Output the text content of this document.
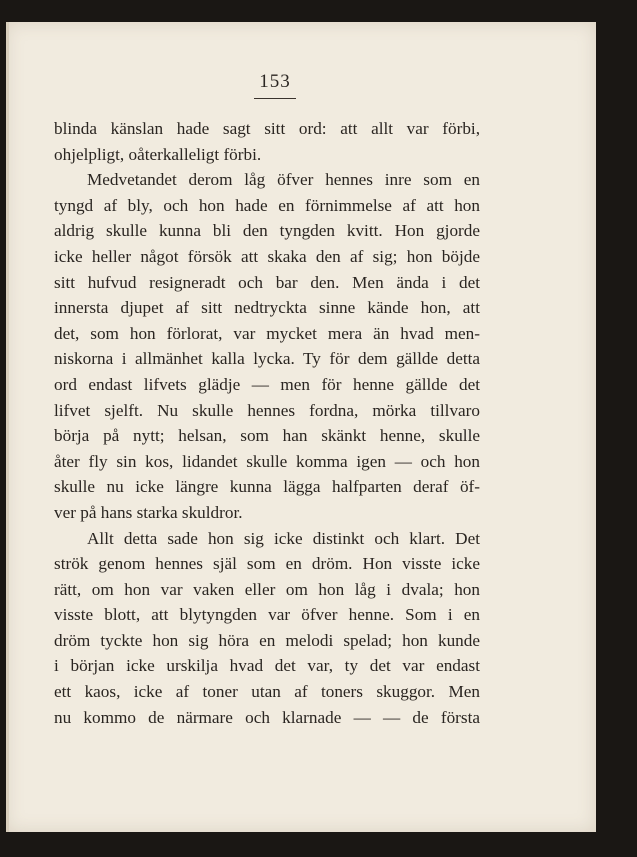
153
blinda känslan hade sagt sitt ord: att allt var förbi,
ohjelpligt, oåterkalleligt förbi.
Medvetandet derom låg öfver hennes inre som en
tyngd af bly, och hon hade en förnimmelse af att hon
aldrig skulle kunna bli den tyngden kvitt. Hon gjorde
icke heller något försök att skaka den af sig; hon böjde
sitt hufvud resigneradt och bar den. Men ända i det
innersta djupet af sitt nedtryckta sinne kände hon, att
det, som hon förlorat, var mycket mera än hvad men-
niskorna i allmänhet kalla lycka. Ty för dem gällde detta
ord endast lifvets glädje — men för henne gällde det
lifvet sjelft. Nu skulle hennes fordna, mörka tillvaro
börja på nytt; helsan, som han skänkt henne, skulle
åter fly sin kos, lidandet skulle komma igen — och hon
skulle nu icke längre kunna lägga halfparten deraf öf-
ver på hans starka skuldror.
Allt detta sade hon sig icke distinkt och klart. Det
strök genom hennes själ som en dröm. Hon visste icke
rätt, om hon var vaken eller om hon låg i dvala; hon
visste blott, att blytyngden var öfver henne. Som i en
dröm tyckte hon sig höra en melodi spelad; hon kunde
i början icke urskilja hvad det var, ty det var endast
ett kaos, icke af toner utan af toners skuggor. Men
nu kommo de närmare och klarnade — — de första
